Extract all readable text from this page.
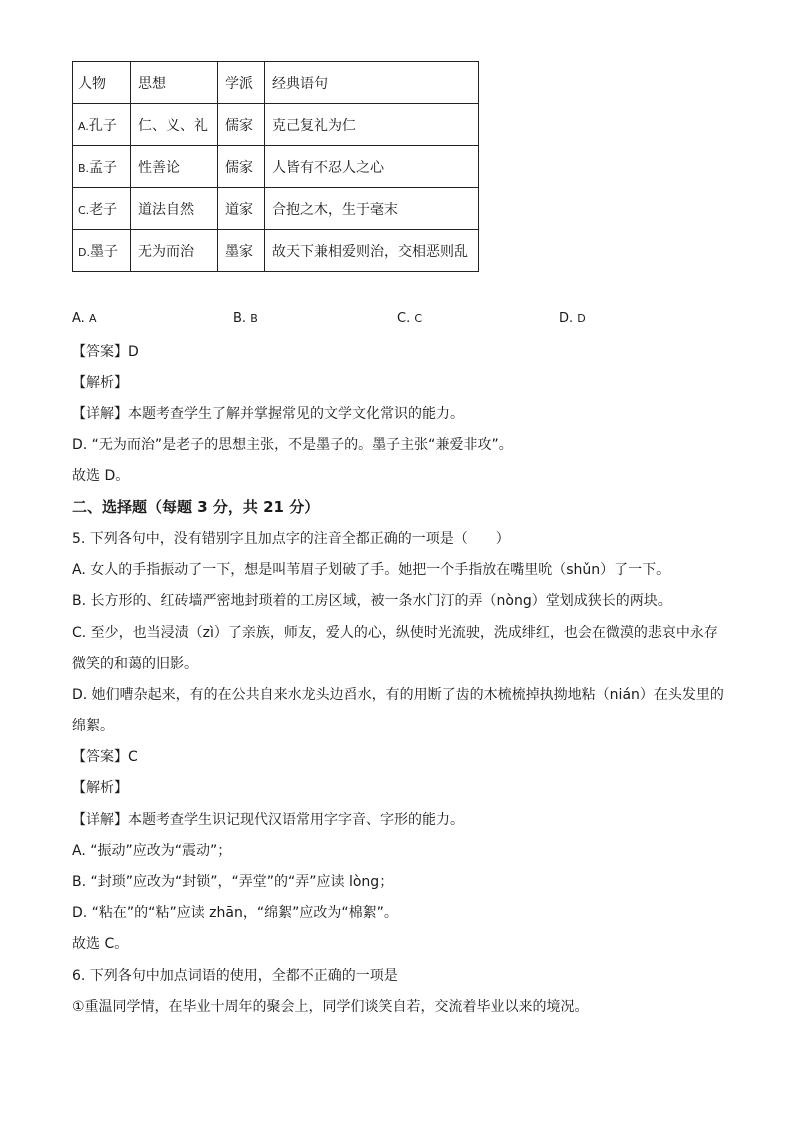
人物	思想	学派	经典语句
A.孔子	仁、义、礼	儒家	克己复礼为仁
B.孟子	性善论	儒家	人皆有不忍人之心
C.老子	道法自然	道家	合抱之木，生于毫末
D.墨子	无为而治	墨家	故天下兼相爱则治，交相恶则乱
A. A	B. B	C. C	D. D
【答案】D
【解析】
【详解】本题考查学生了解并掌握常见的文学文化常识的能力。
D. “无为而治”是老子的思想主张，不是墨子的。墨子主张“兼爱非攻”。
故选 D。
二、选择题（每题 3 分，共 21 分）
5. 下列各句中，没有错别字且加点字的注音全都正确的一项是（　　）
A. 女人的手指振动了一下，想是叫苇眉子划破了手。她把一个手指放在嘴里吮（shǔn）了一下。
B. 长方形的、红砖墙严密地封琐着的工房区域，被一条水门汀的弄（nòng）堂划成狭长的两块。
C. 至少，也当浸渍（zì）了亲族，师友，爱人的心，纵使时光流驶，洗成绯红，也会在微漠的悲哀中永存
微笑的和蔼的旧影。
D. 她们嘈杂起来，有的在公共自来水龙头边舀水，有的用断了齿的木梳梳掉执拗地粘（nián）在头发里的
绵絮。
【答案】C
【解析】
【详解】本题考查学生识记现代汉语常用字字音、字形的能力。
A. “振动”应改为“震动”；
B. “封琐”应改为“封锁”，“弄堂”的“弄”应读 lòng；
D. “粘在”的“粘”应读 zhān，“绵絮”应改为“棉絮”。
故选 C。
6. 下列各句中加点词语的使用，全都不正确的一项是
①重温同学情，在毕业十周年的聚会上，同学们谈笑自若，交流着毕业以来的境况。
